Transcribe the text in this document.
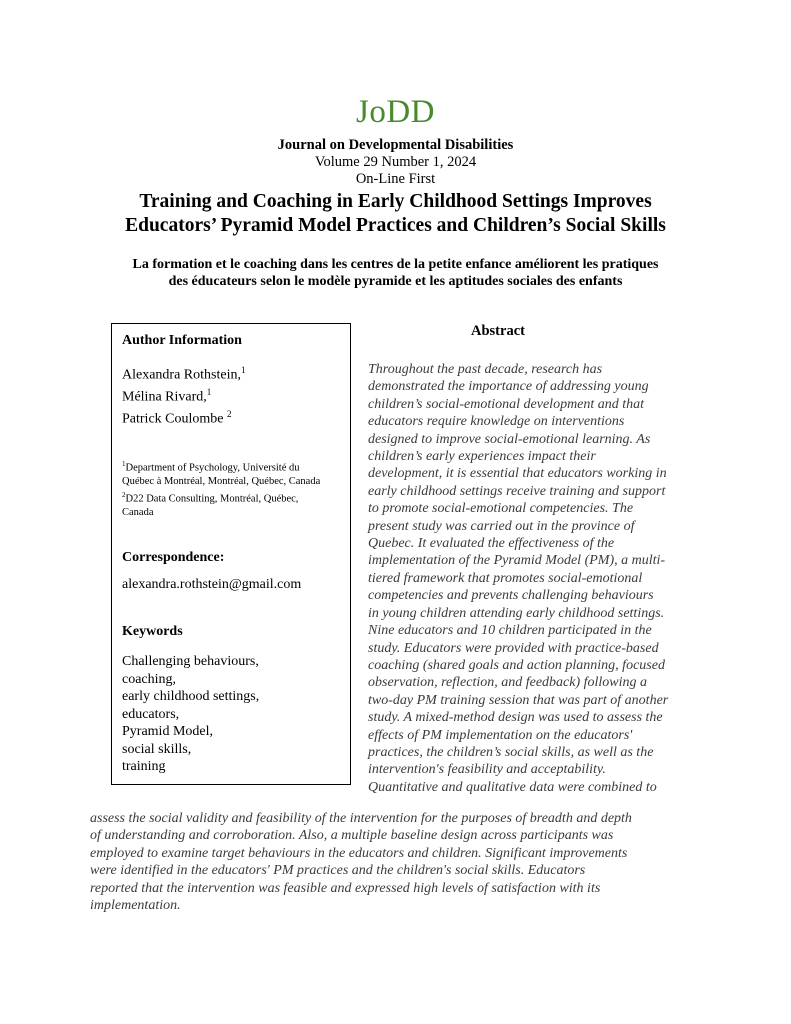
JoDD
Journal on Developmental Disabilities
Volume 29 Number 1, 2024
On-Line First
Training and Coaching in Early Childhood Settings Improves
Educators’ Pyramid Model Practices and Children’s Social Skills
La formation et le coaching dans les centres de la petite enfance améliorent les pratiques
des éducateurs selon le modèle pyramide et les aptitudes sociales des enfants
Author Information
Alexandra Rothstein,$^1$
Mélina Rivard,$^1$
Patrick Coulombe $^2$
$^1$Department of Psychology, Université du
Québec à Montréal, Montréal, Québec, Canada
$^2$D22 Data Consulting, Montréal, Québec,
Canada
Correspondence:
alexandra.rothstein@gmail.com
Keywords
Challenging behaviours,
coaching,
early childhood settings,
educators,
Pyramid Model,
social skills,
training
Abstract
Throughout the past decade, research has
demonstrated the importance of addressing young
children’s social-emotional development and that
educators require knowledge on interventions
designed to improve social-emotional learning. As
children’s early experiences impact their
development, it is essential that educators working in
early childhood settings receive training and support
to promote social-emotional competencies. The
present study was carried out in the province of
Quebec. It evaluated the effectiveness of the
implementation of the Pyramid Model (PM), a multi-
tiered framework that promotes social-emotional
competencies and prevents challenging behaviours
in young children attending early childhood settings.
Nine educators and 10 children participated in the
study. Educators were provided with practice-based
coaching (shared goals and action planning, focused
observation, reflection, and feedback) following a
two-day PM training session that was part of another
study. A mixed-method design was used to assess the
effects of PM implementation on the educators'
practices, the children’s social skills, as well as the
intervention's feasibility and acceptability.
Quantitative and qualitative data were combined to
assess the social validity and feasibility of the intervention for the purposes of breadth and depth
of understanding and corroboration. Also, a multiple baseline design across participants was
employed to examine target behaviours in the educators and children. Significant improvements
were identified in the educators' PM practices and the children's social skills. Educators
reported that the intervention was feasible and expressed high levels of satisfaction with its
implementation.
